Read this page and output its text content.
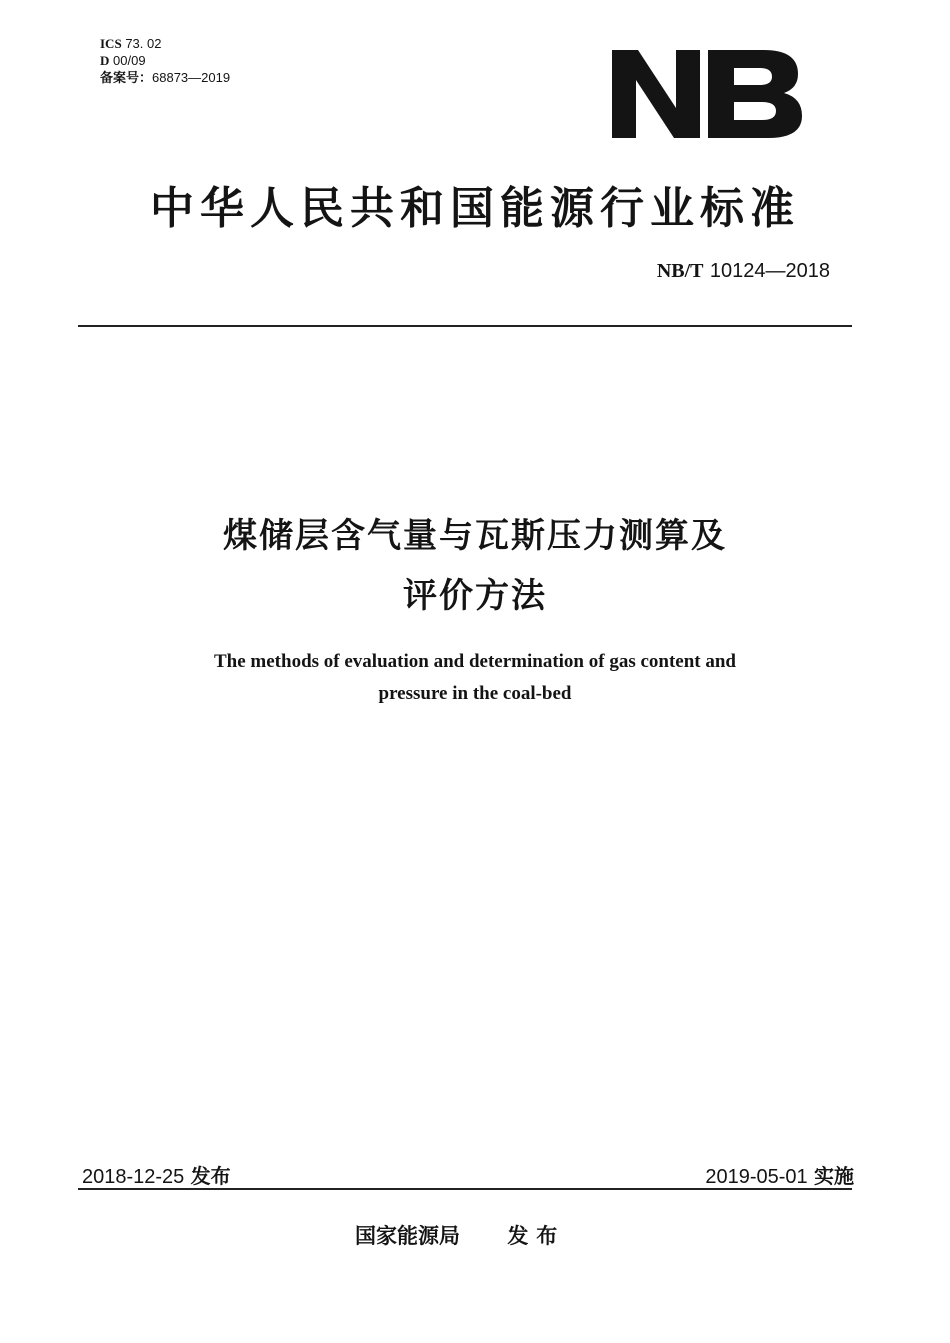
ICS 73. 02
D 00/09
备案号：68873—2019
中华人民共和国能源行业标准
NB/T 10124—2018
煤储层含气量与瓦斯压力测算及
评价方法
The methods of evaluation and determination of gas content and
pressure in the coal-bed
2018-12-25 发布	2019-05-01 实施
国家能源局 发布
